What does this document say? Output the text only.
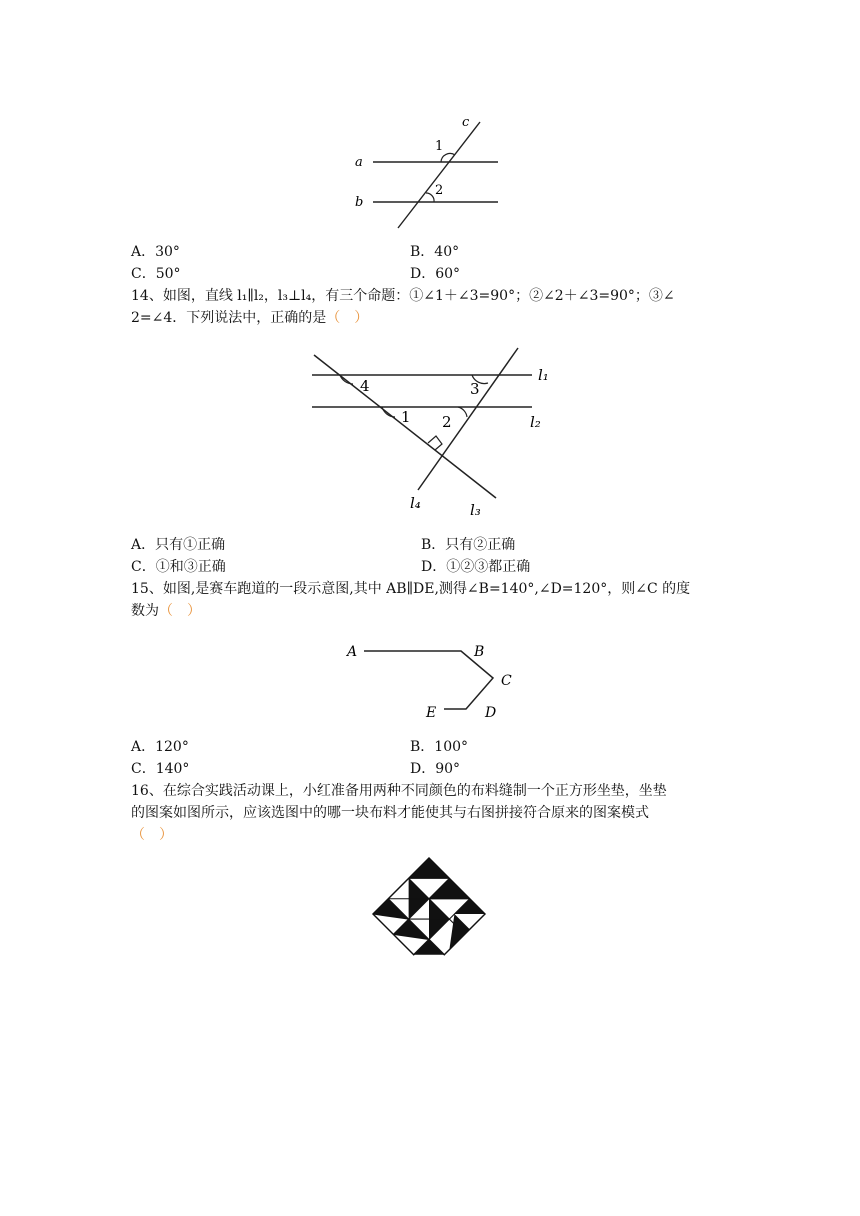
a
b
c
1
2
A．30°	B．40°
C．50°	D．60°
14、如图，直线 l₁∥l₂，l₃⊥l₄，有三个命题：①∠1＋∠3=90°；②∠2＋∠3=90°；③∠
2=∠4．下列说法中，正确的是（　）
l₁
l₂
l₃
l₄
4	3
1 2
A．只有①正确	B．只有②正确
C．①和③正确	D．①②③都正确
15、如图,是赛车跑道的一段示意图,其中 AB∥DE,测得∠B=140°,∠D=120°，则∠C 的度
数为（　）
A	B
C
D
E
A．120°	B．100°
C．140°	D．90°
16、在综合实践活动课上，小红准备用两种不同颜色的布料缝制一个正方形坐垫，坐垫
的图案如图所示，应该选图中的哪一块布料才能使其与右图拼接符合原来的图案模式
（　）
